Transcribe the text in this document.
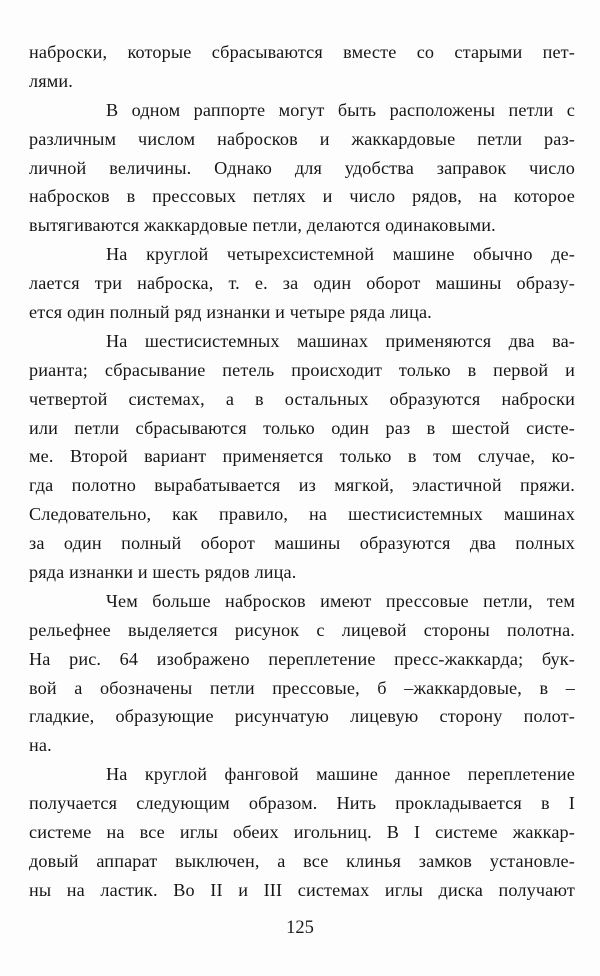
наброски, которые сбрасываются вместе со старыми пет-
лями.
В одном раппорте могут быть расположены петли с
различным числом набросков и жаккардовые петли раз-
личной величины. Однако для удобства заправок число
набросков в прессовых петлях и число рядов, на которое
вытягиваются жаккардовые петли, делаются одинаковыми.
На круглой четырехсистемной машине обычно де-
лается три наброска, т. е. за один оборот машины образу-
ется один полный ряд изнанки и четыре ряда лица.
На шестисистемных машинах применяются два ва-
рианта; сбрасывание петель происходит только в первой и
четвертой системах, а в остальных образуются наброски
или петли сбрасываются только один раз в шестой систе-
ме. Второй вариант применяется только в том случае, ко-
гда полотно вырабатывается из мягкой, эластичной пряжи.
Следовательно, как правило, на шестисистемных машинах
за один полный оборот машины образуются два полных
ряда изнанки и шесть рядов лица.
Чем больше набросков имеют прессовые петли, тем
рельефнее выделяется рисунок с лицевой стороны полотна.
На рис. 64 изображено переплетение пресс-жаккарда; бук-
вой а обозначены петли прессовые, б –жаккардовые, в –
гладкие, образующие рисунчатую лицевую сторону полот-
на.
На круглой фанговой машине данное переплетение
получается следующим образом. Нить прокладывается в I
системе на все иглы обеих игольниц. В I системе жаккар-
довый аппарат выключен, а все клинья замков установле-
ны на ластик. Во II и III системах иглы диска получают
125
